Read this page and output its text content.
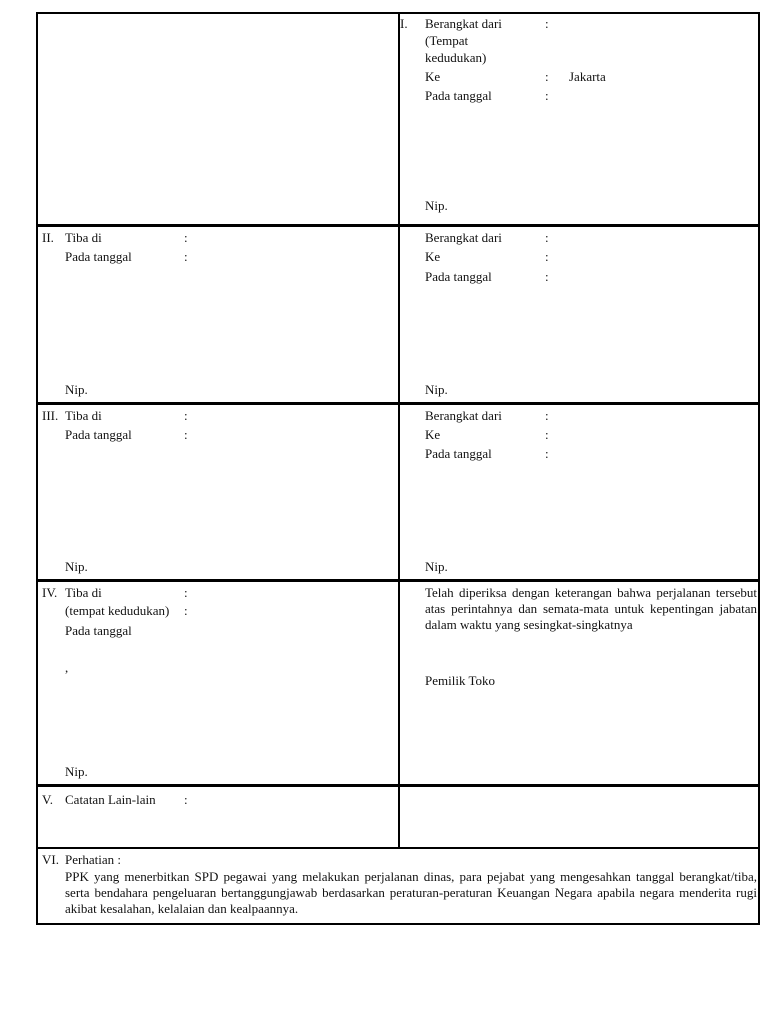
I. Berangkat dari	:
(Tempat
kedudukan)
Ke	: Jakarta
Pada tanggal	:
Nip.
II. Tiba di	:
Pada tanggal	:
Nip.
Berangkat dari	:
Ke	:
Pada tanggal	:
Nip.
III. Tiba di	:
Pada tanggal	:
Nip.
Berangkat dari	:
Ke	:
Pada tanggal	:
Nip.
IV. Tiba di	:
(tempat kedudukan) :
Pada tanggal
,
Nip.
Telah diperiksa dengan keterangan bahwa perjalanan tersebut atas perintahnya dan semata-mata untuk kepentingan jabatan dalam waktu yang sesingkat-singkatnya
Pemilik Toko
V. Catatan Lain-lain :
VI. Perhatian :
PPK yang menerbitkan SPD pegawai yang melakukan perjalanan dinas, para pejabat yang mengesahkan tanggal berangkat/tiba, serta bendahara pengeluaran bertanggungjawab berdasarkan peraturan-peraturan Keuangan Negara apabila negara menderita rugi akibat kesalahan, kelalaian dan kealpaannya.
